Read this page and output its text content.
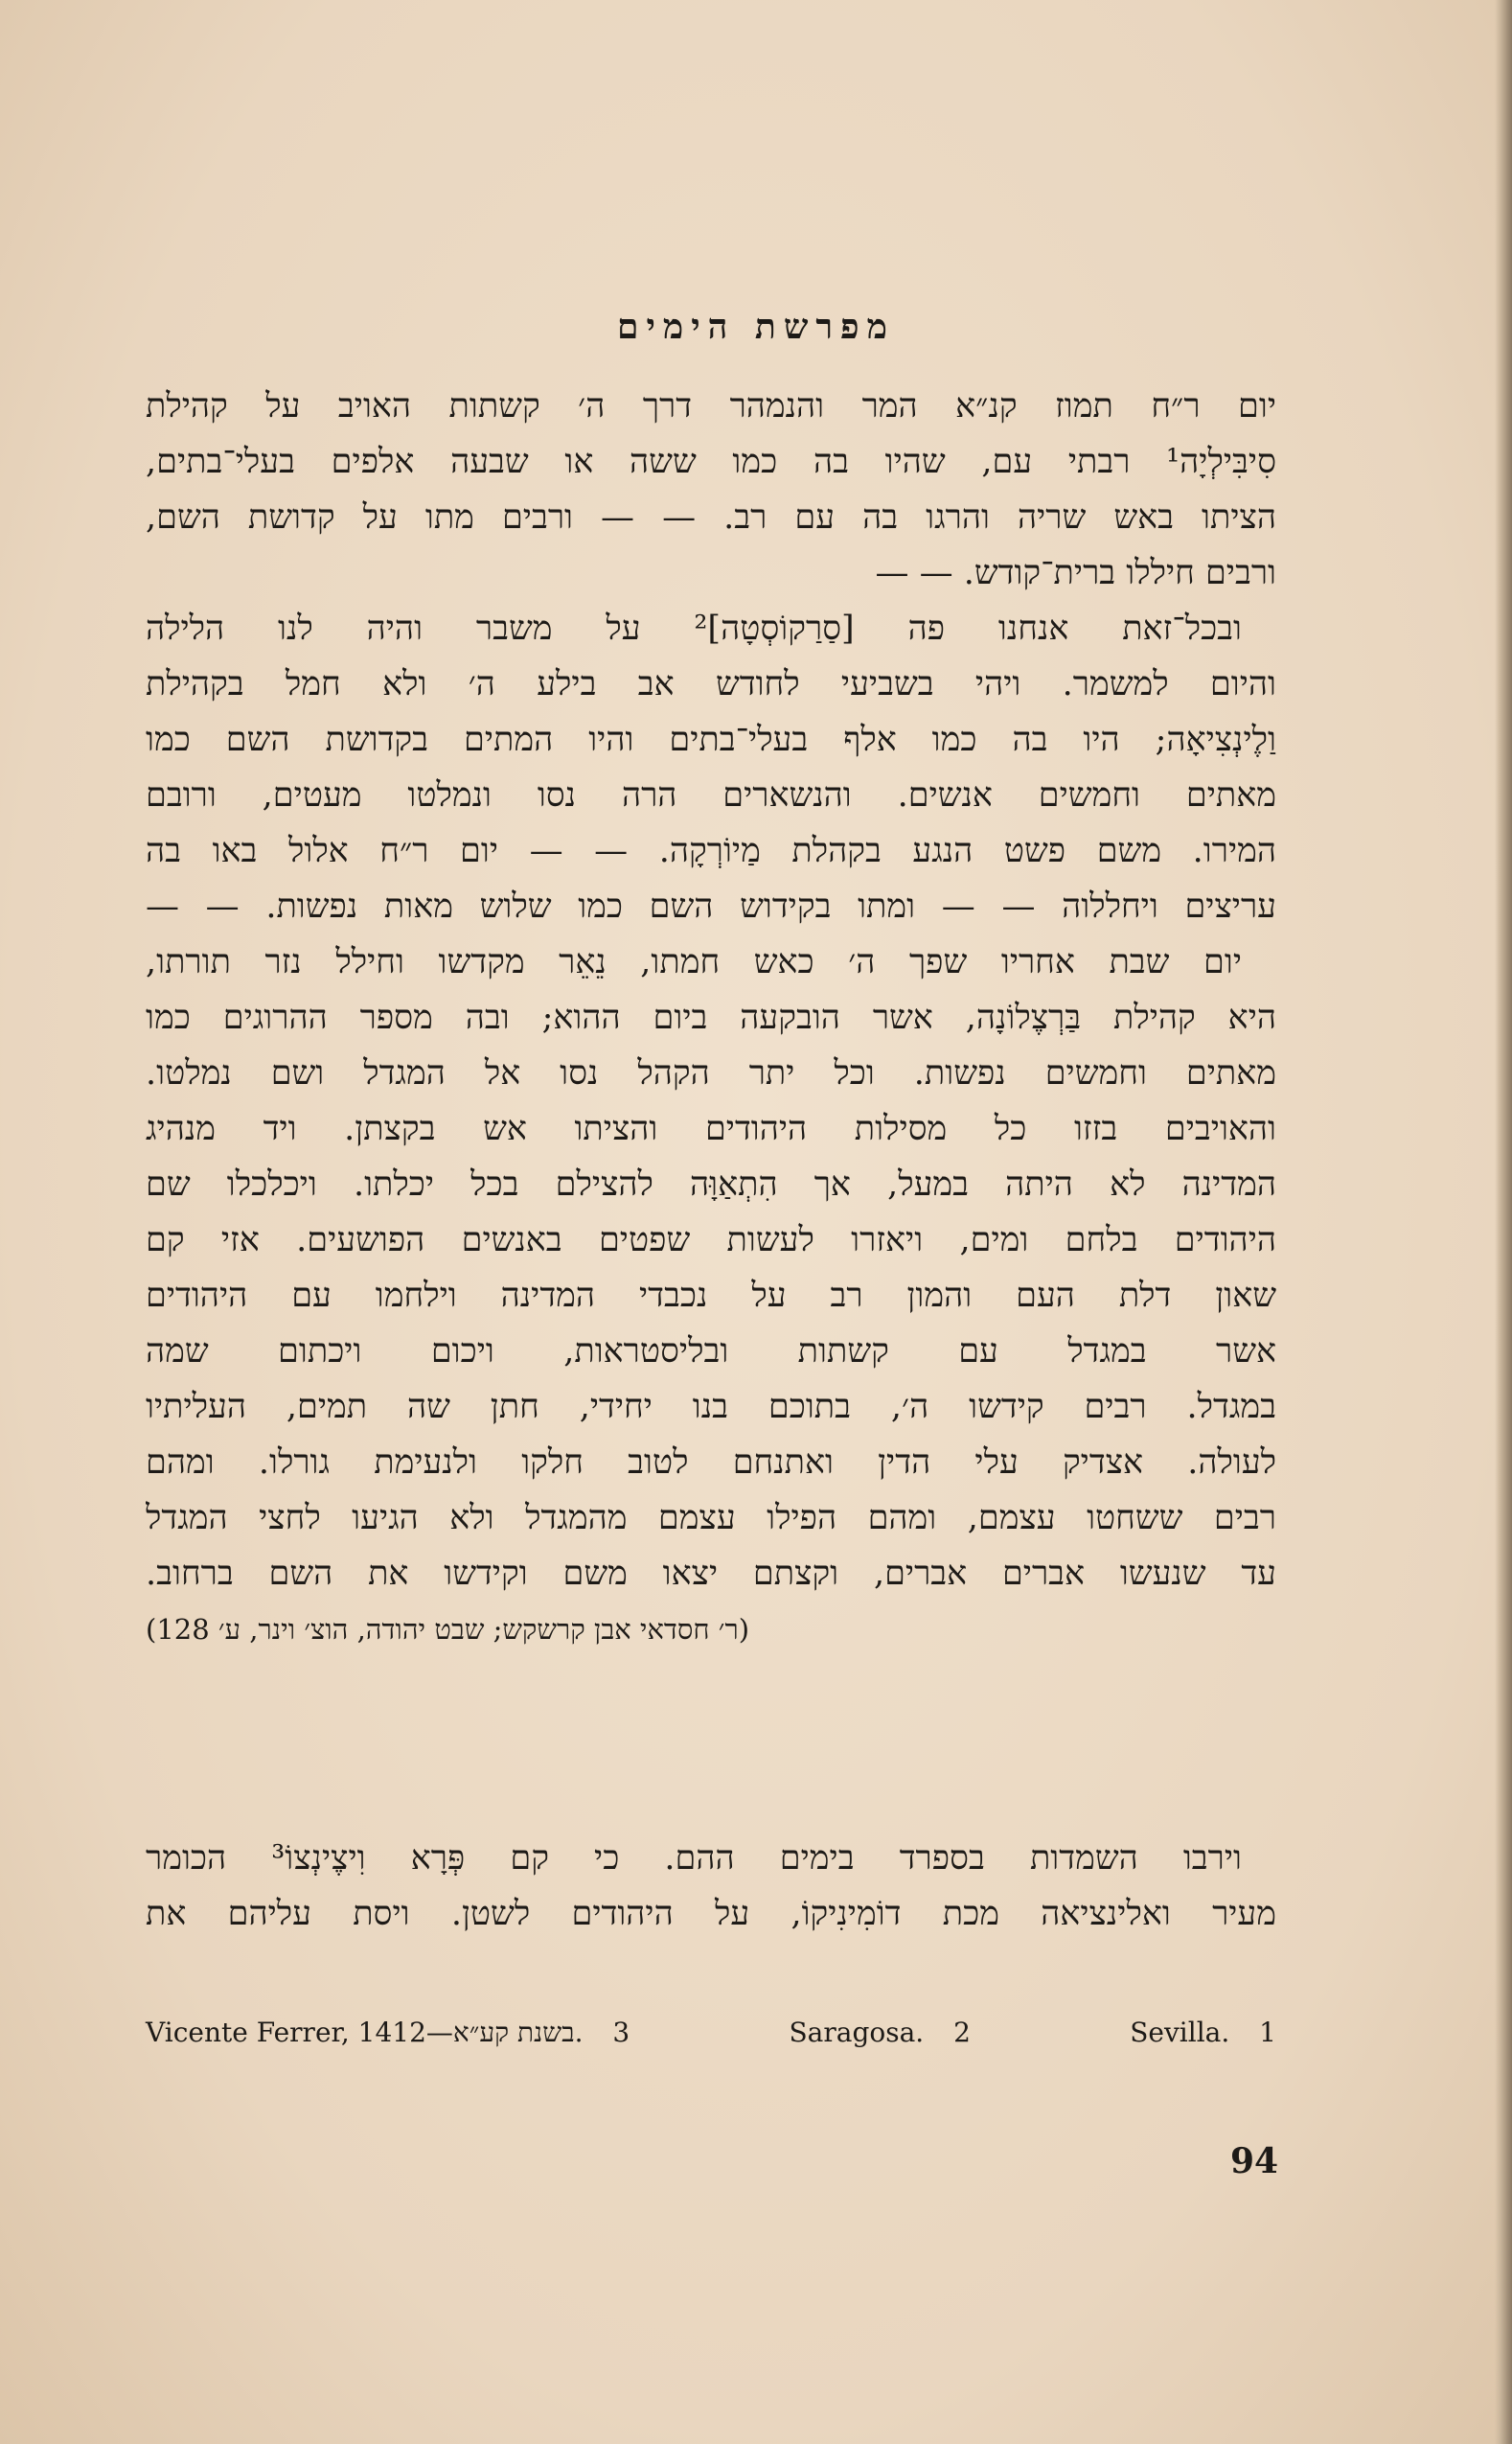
מפרשת הימים
יום ר״ח תמוז קנ״א המר והנמהר דרך ה׳ קשתות האויב על קהילת
סִיבִּילְיָה¹ רבתי עם, שהיו בה כמו ששה או שבעה אלפים בעלי־בתים,
הציתו באש שריה והרגו בה עם רב. — — ורבים מתו על קדושת השם,
ורבים חיללו ברית־קודש. — —
ובכל־זאת אנחנו פה [סַרַקוֹסְטָה]² על משבר והיה לנו הלילה
והיום למשמר. ויהי בשביעי לחודש אב בילע ה׳ ולא חמל בקהילת
וַלֶינְצִיאָה; היו בה כמו אלף בעלי־בתים והיו המתים בקדושת השם כמו
מאתים וחמשים אנשים. והנשארים הרה נסו ונמלטו מעטים, ורובם
המירו. משם פשט הנגע בקהלת מַיוֹרְקָה. — — יום ר״ח אלול באו בה
עריצים ויחללוה — — ומתו בקידוש השם כמו שלוש מאות נפשות. — —
יום שבת אחריו שפך ה׳ כאש חמתו, נֵאֵר מקדשו וחילל נזר תורתו,
היא קהילת בַּרְצֶלוֹנָה, אשר הובקעה ביום ההוא; ובה מספר ההרוגים כמו
מאתים וחמשים נפשות. וכל יתר הקהל נסו אל המגדל ושם נמלטו.
והאויבים בזזו כל מסילות היהודים והציתו אש בקצתן. ויד מנהיג
המדינה לא היתה במעל, אך הִתְאַוָּה להצילם בכל יכלתו. ויכלכלו שם
היהודים בלחם ומים, ויאזרו לעשות שפטים באנשים הפושעים. אזי קם
שאון דלת העם והמון רב על נכבדי המדינה וילחמו עם היהודים
אשר במגדל עם קשתות ובליסטראות, ויכום ויכתום שמה
במגדל. רבים קידשו ה׳, בתוכם בנו יחידי, חתן שה תמים, העליתיו
לעולה. אצדיק עלי הדין ואתנחם לטוב חלקו ולנעימת גורלו. ומהם
רבים ששחטו עצמם, ומהם הפילו עצמם מהמגדל ולא הגיעו לחצי המגדל
עד שנעשו אברים אברים, וקצתם יצאו משם וקידשו את השם ברחוב.
(ר׳ חסדאי אבן קרשקש; שבט יהודה, הוצ׳ וינר, ע׳ 128)
וירבו השמדות בספרד בימים ההם. כי קם פְּרָא וִיצֶינְצוֹ³ הכומר
מעיר ואלינציאה מכת דוֹמִינִיקוֹ, על היהודים לשטן. ויסת עליהם את
1 Sevilla.
2 Saragosa.
3 Vicente Ferrer, בשנת קע״א—1412.
94
